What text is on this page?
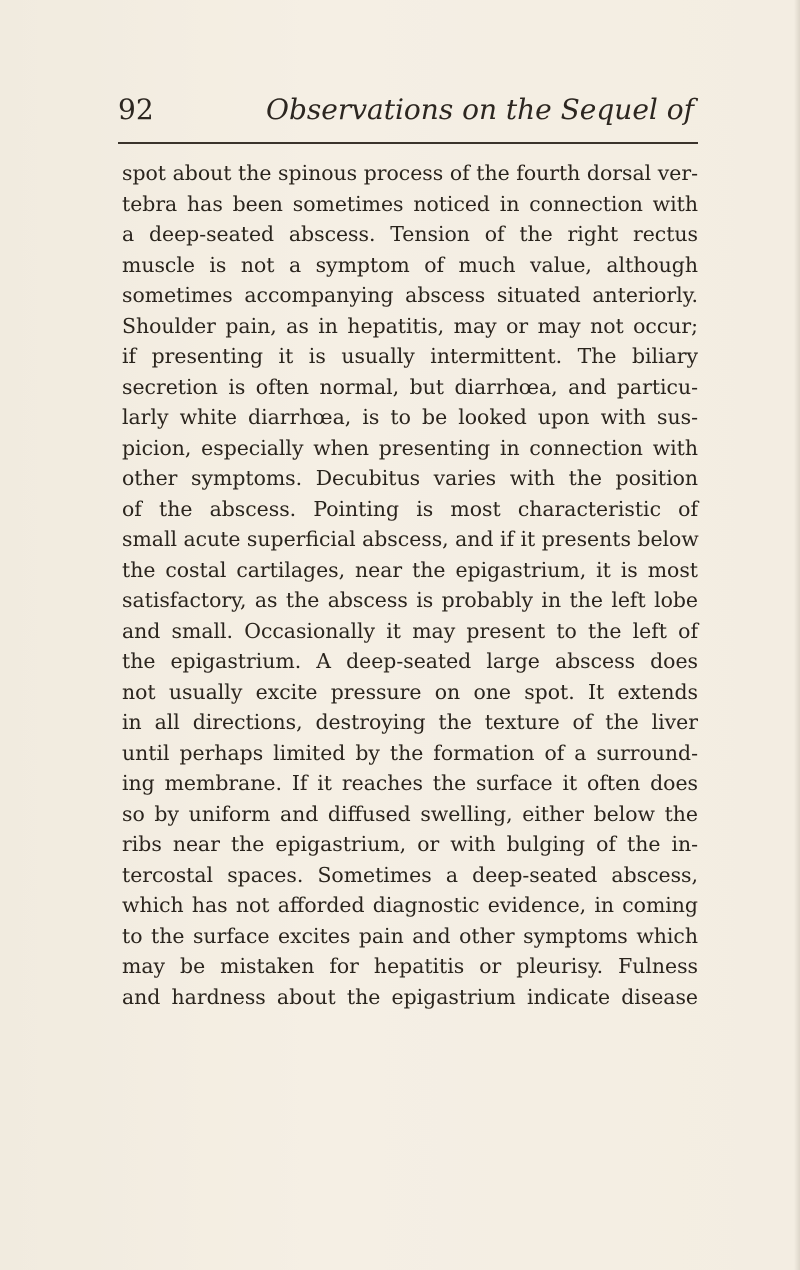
92	Observations on the Sequel of
spot about the spinous process of the fourth dorsal ver-
tebra has been sometimes noticed in connection with
a deep-seated abscess. Tension of the right rectus
muscle is not a symptom of much value, although
sometimes accompanying abscess situated anteriorly.
Shoulder pain, as in hepatitis, may or may not occur;
if presenting it is usually intermittent. The biliary
secretion is often normal, but diarrhœa, and particu-
larly white diarrhœa, is to be looked upon with sus-
picion, especially when presenting in connection with
other symptoms. Decubitus varies with the position
of the abscess. Pointing is most characteristic of
small acute superficial abscess, and if it presents below
the costal cartilages, near the epigastrium, it is most
satisfactory, as the abscess is probably in the left lobe
and small. Occasionally it may present to the left of
the epigastrium. A deep-seated large abscess does
not usually excite pressure on one spot. It extends
in all directions, destroying the texture of the liver
until perhaps limited by the formation of a surround-
ing membrane. If it reaches the surface it often does
so by uniform and diffused swelling, either below the
ribs near the epigastrium, or with bulging of the in-
tercostal spaces. Sometimes a deep-seated abscess,
which has not afforded diagnostic evidence, in coming
to the surface excites pain and other symptoms which
may be mistaken for hepatitis or pleurisy. Fulness
and hardness about the epigastrium indicate disease
